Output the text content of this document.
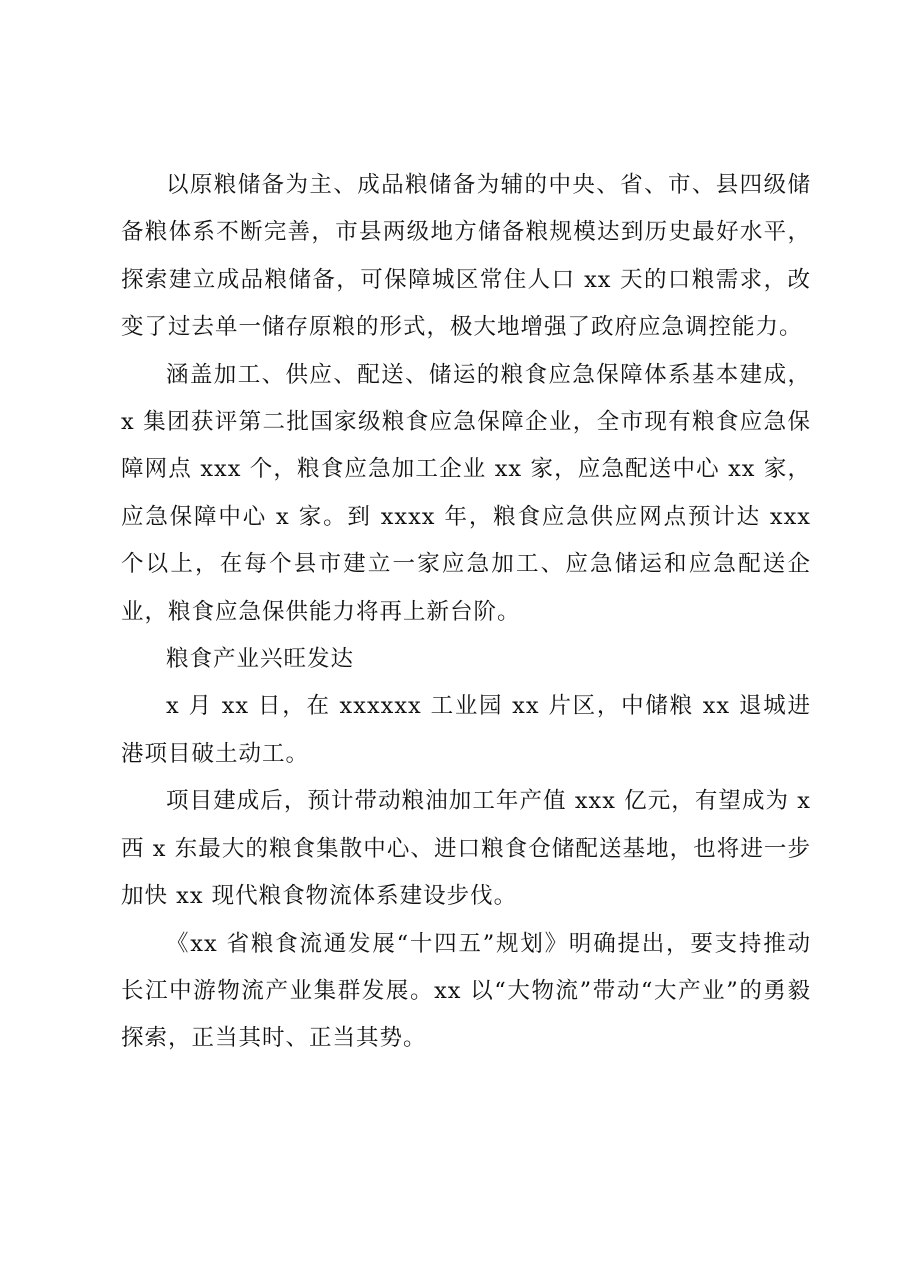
以原粮储备为主、成品粮储备为辅的中央、省、市、县四级储备粮体系不断完善，市县两级地方储备粮规模达到历史最好水平，探索建立成品粮储备，可保障城区常住人口 xx 天的口粮需求，改变了过去单一储存原粮的形式，极大地增强了政府应急调控能力。

涵盖加工、供应、配送、储运的粮食应急保障体系基本建成，x 集团获评第二批国家级粮食应急保障企业，全市现有粮食应急保障网点 xxx 个，粮食应急加工企业 xx 家，应急配送中心 xx 家，应急保障中心 x 家。到 xxxx 年，粮食应急供应网点预计达 xxx 个以上，在每个县市建立一家应急加工、应急储运和应急配送企业，粮食应急保供能力将再上新台阶。

粮食产业兴旺发达

x 月 xx 日，在 xxxxxx 工业园 xx 片区，中储粮 xx 退城进港项目破土动工。

项目建成后，预计带动粮油加工年产值 xxx 亿元，有望成为 x 西 x 东最大的粮食集散中心、进口粮食仓储配送基地，也将进一步加快 xx 现代粮食物流体系建设步伐。

《xx 省粮食流通发展“十四五”规划》明确提出，要支持推动长江中游物流产业集群发展。xx 以“大物流”带动“大产业”的勇毅探索，正当其时、正当其势。
